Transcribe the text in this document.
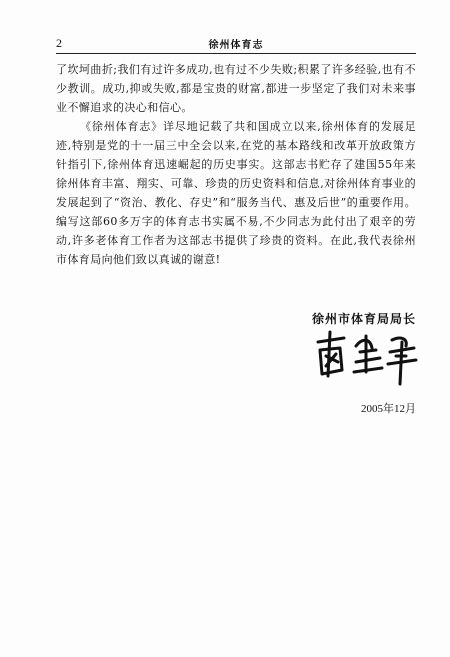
2	徐州体育志

了坎坷曲折;我们有过许多成功,也有过不少失败;积累了许多经验,也有不少教训。成功,抑或失败,都是宝贵的财富,都进一步坚定了我们对未来事业不懈追求的决心和信心。

《徐州体育志》详尽地记载了共和国成立以来,徐州体育的发展足迹,特别是党的十一届三中全会以来,在党的基本路线和改革开放政策方针指引下,徐州体育迅速崛起的历史事实。这部志书贮存了建国55年来徐州体育丰富、翔实、可靠、珍贵的历史资料和信息,对徐州体育事业的发展起到了“资治、教化、存史”和“服务当代、惠及后世”的重要作用。编写这部60多万字的体育志书实属不易,不少同志为此付出了艰辛的劳动,许多老体育工作者为这部志书提供了珍贵的资料。在此,我代表徐州市体育局向他们致以真诚的谢意!

徐州市体育局局长
2005年12月
